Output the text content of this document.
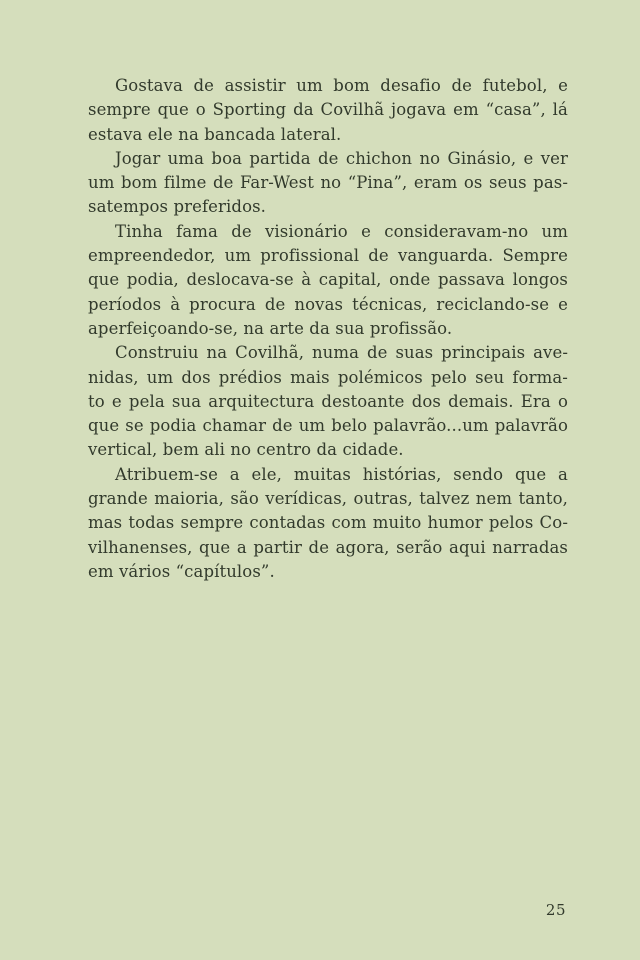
Gostava de assistir um bom desafio de futebol, e
sempre que o Sporting da Covilhã jogava em “casa”, lá
estava ele na bancada lateral.
Jogar uma boa partida de chichon no Ginásio, e ver
um bom filme de Far-West no “Pina”, eram os seus pas-
satempos preferidos.
Tinha fama de visionário e consideravam-no um
empreendedor, um profissional de vanguarda. Sempre
que podia, deslocava-se à capital, onde passava longos
períodos à procura de novas técnicas, reciclando-se e
aperfeiçoando-se, na arte da sua profissão.
Construiu na Covilhã, numa de suas principais ave-
nidas, um dos prédios mais polémicos pelo seu forma-
to e pela sua arquitectura destoante dos demais. Era o
que se podia chamar de um belo palavrão...um palavrão
vertical, bem ali no centro da cidade.
Atribuem-se a ele, muitas histórias, sendo que a
grande maioria, são verídicas, outras, talvez nem tanto,
mas todas sempre contadas com muito humor pelos Co-
vilhanenses, que a partir de agora, serão aqui narradas
em vários “capítulos”.
25
